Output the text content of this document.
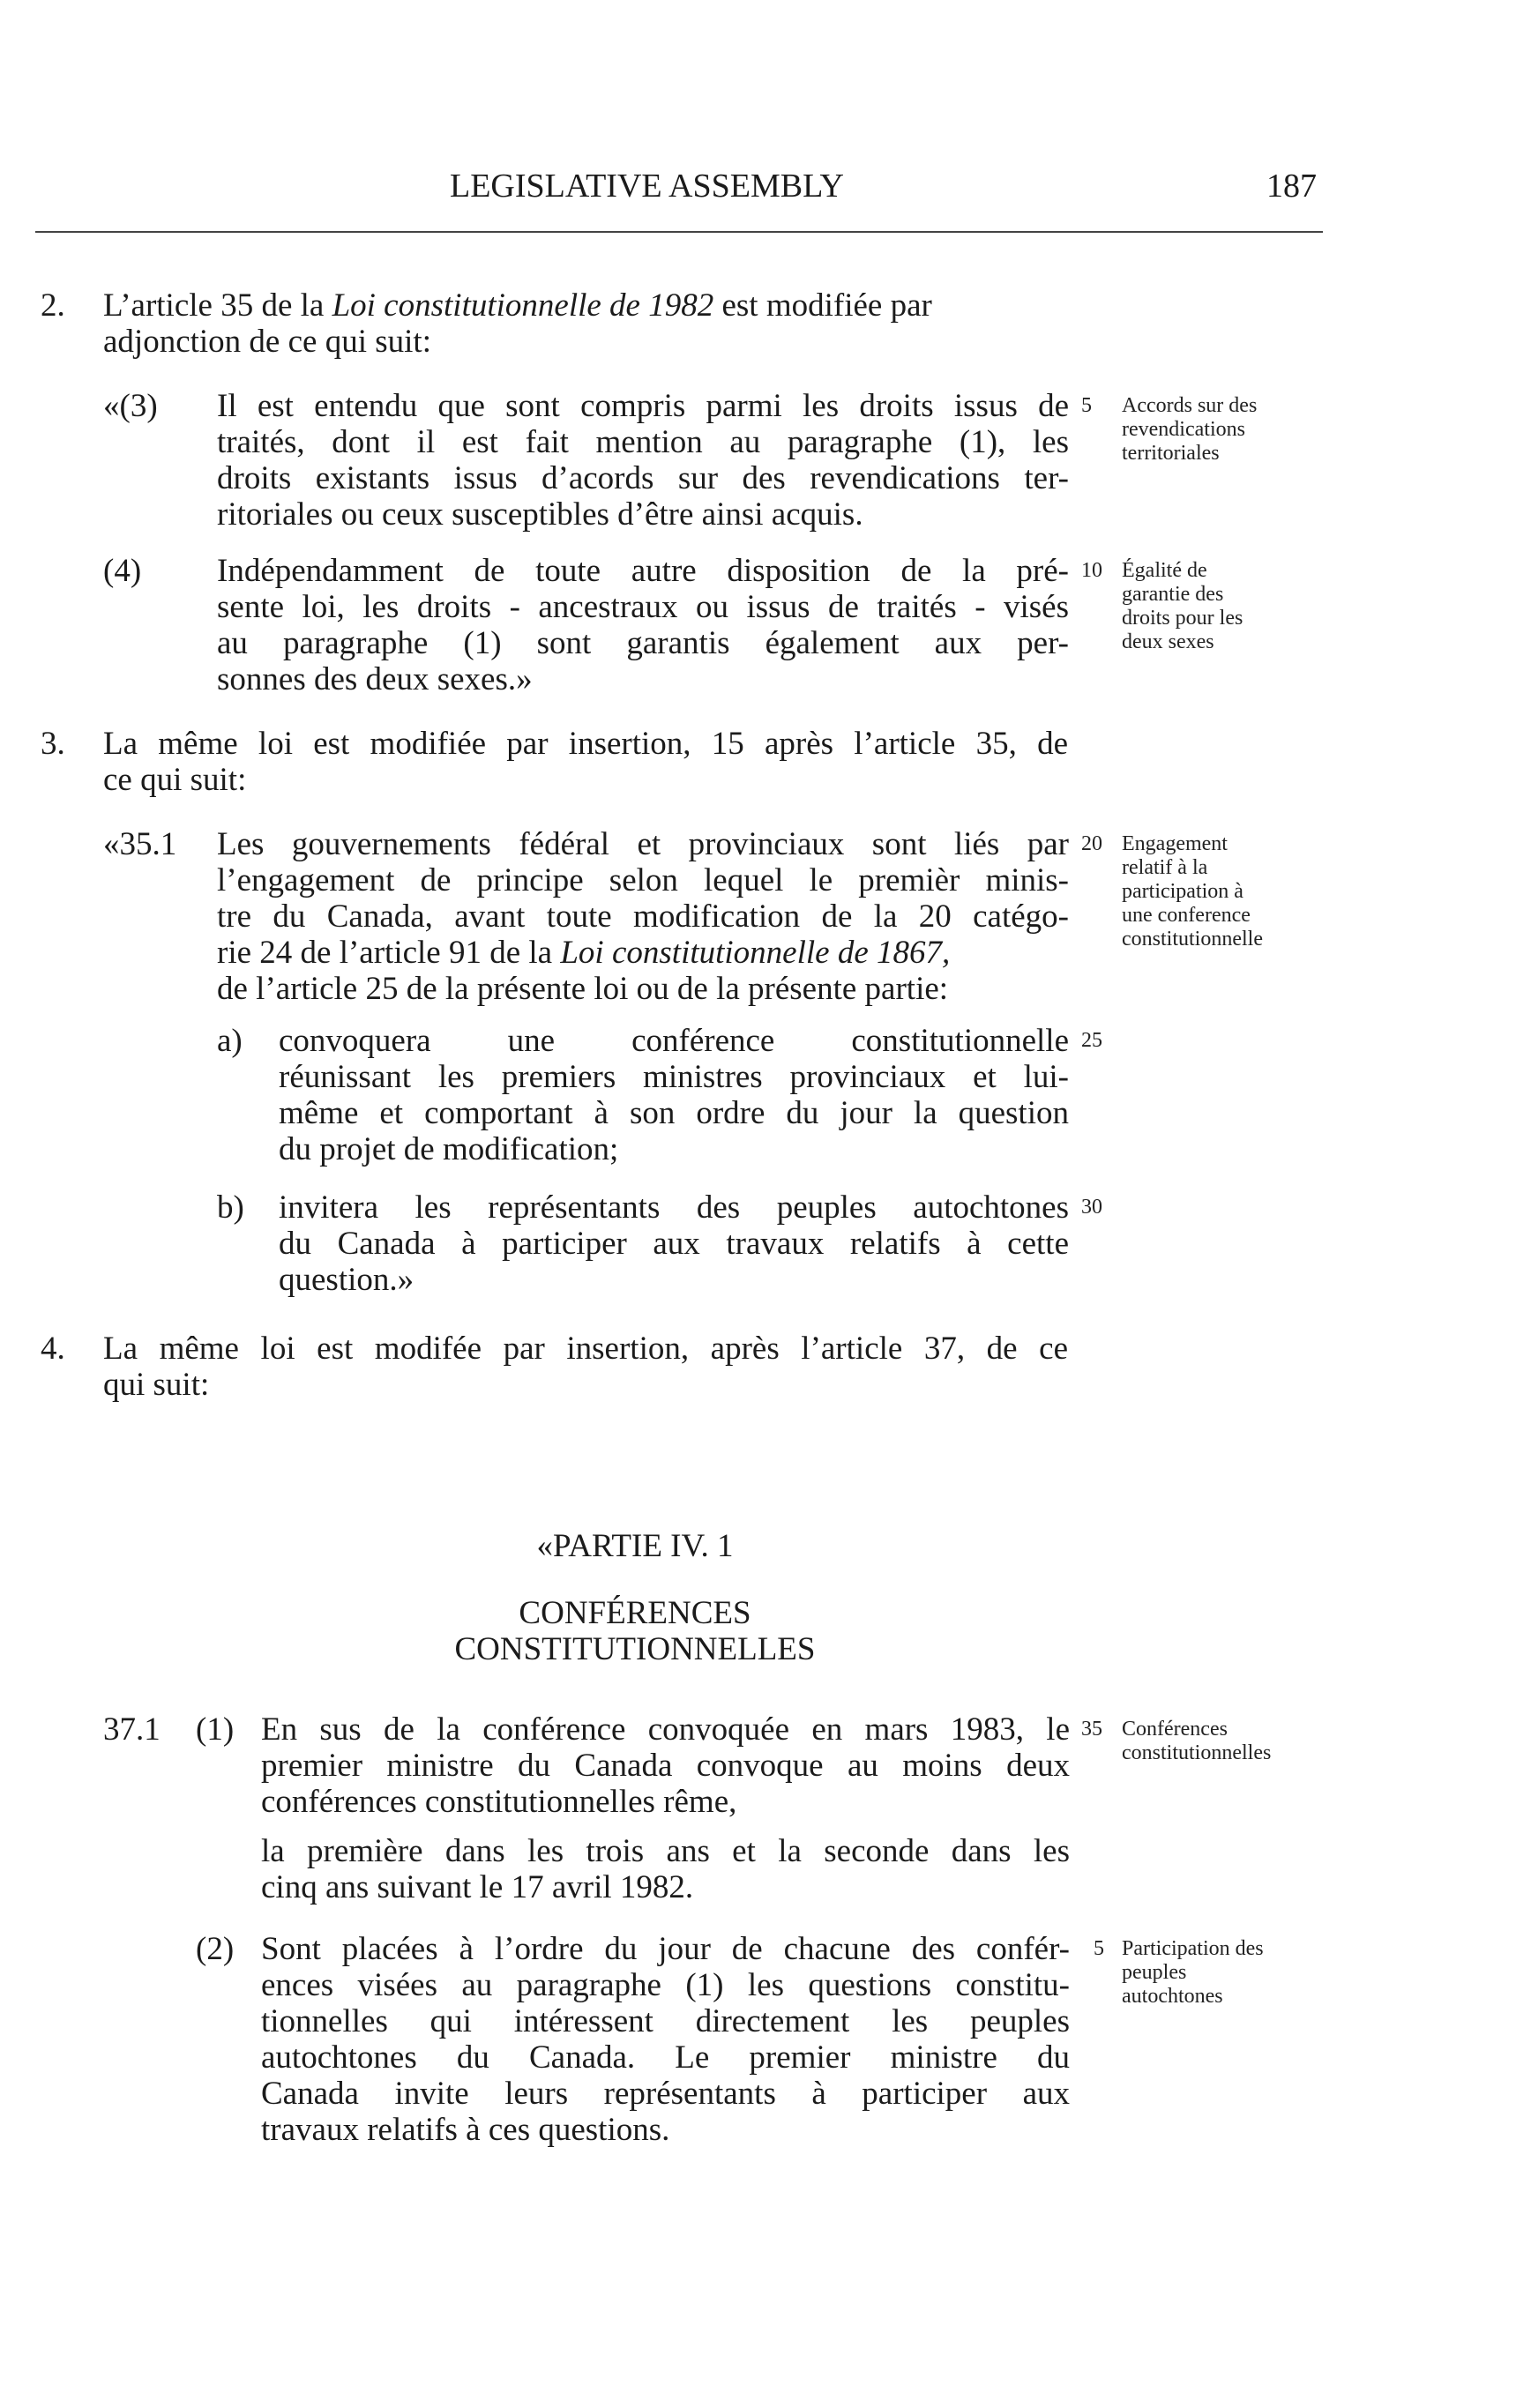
LEGISLATIVE ASSEMBLY	187
2. L’article 35 de la Loi constitutionnelle de 1982 est modifiée par
adjonction de ce qui suit:
«(3) Il est entendu que sont compris parmi les droits issus de
traités, dont il est fait mention au paragraphe (1), les
droits existants issus d’acords sur des revendications ter-
ritoriales ou ceux susceptibles d’être ainsi acquis.
5 Accords sur des
revendications
territoriales
(4) Indépendamment de toute autre disposition de la pré-
sente loi, les droits - ancestraux ou issus de traités - visés
au paragraphe (1) sont garantis également aux per-
sonnes des deux sexes.»
10 Égalité de
garantie des
droits pour les
deux sexes
3. La même loi est modifiée par insertion, 15 après l’article 35, de
ce qui suit:
«35.1 Les gouvernements fédéral et provinciaux sont liés par
l’engagement de principe selon lequel le premièr minis-
tre du Canada, avant toute modification de la 20 catégo-
rie 24 de l’article 91 de la Loi constitutionnelle de 1867,
de l’article 25 de la présente loi ou de la présente partie:
20 Engagement
relatif à la
participation à
une conference
constitutionnelle
a) convoquera une conférence constitutionnelle
réunissant les premiers ministres provinciaux et lui-
même et comportant à son ordre du jour la question
du projet de modification;
25
b) invitera les représentants des peuples autochtones
du Canada à participer aux travaux relatifs à cette
question.»
30
4. La même loi est modifée par insertion, après l’article 37, de ce
qui suit:
«PARTIE IV. 1
CONFÉRENCES
CONSTITUTIONNELLES
37.1 (1) En sus de la conférence convoquée en mars 1983, le
premier ministre du Canada convoque au moins deux
conférences constitutionnelles rême,
la première dans les trois ans et la seconde dans les
cinq ans suivant le 17 avril 1982.
35 Conférences
constitutionnelles
(2) Sont placées à l’ordre du jour de chacune des confér-
ences visées au paragraphe (1) les questions constitu-
tionnelles qui intéressent directement les peuples
autochtones du Canada. Le premier ministre du
Canada invite leurs représentants à participer aux
travaux relatifs à ces questions.
5 Participation des
peuples
autochtones
